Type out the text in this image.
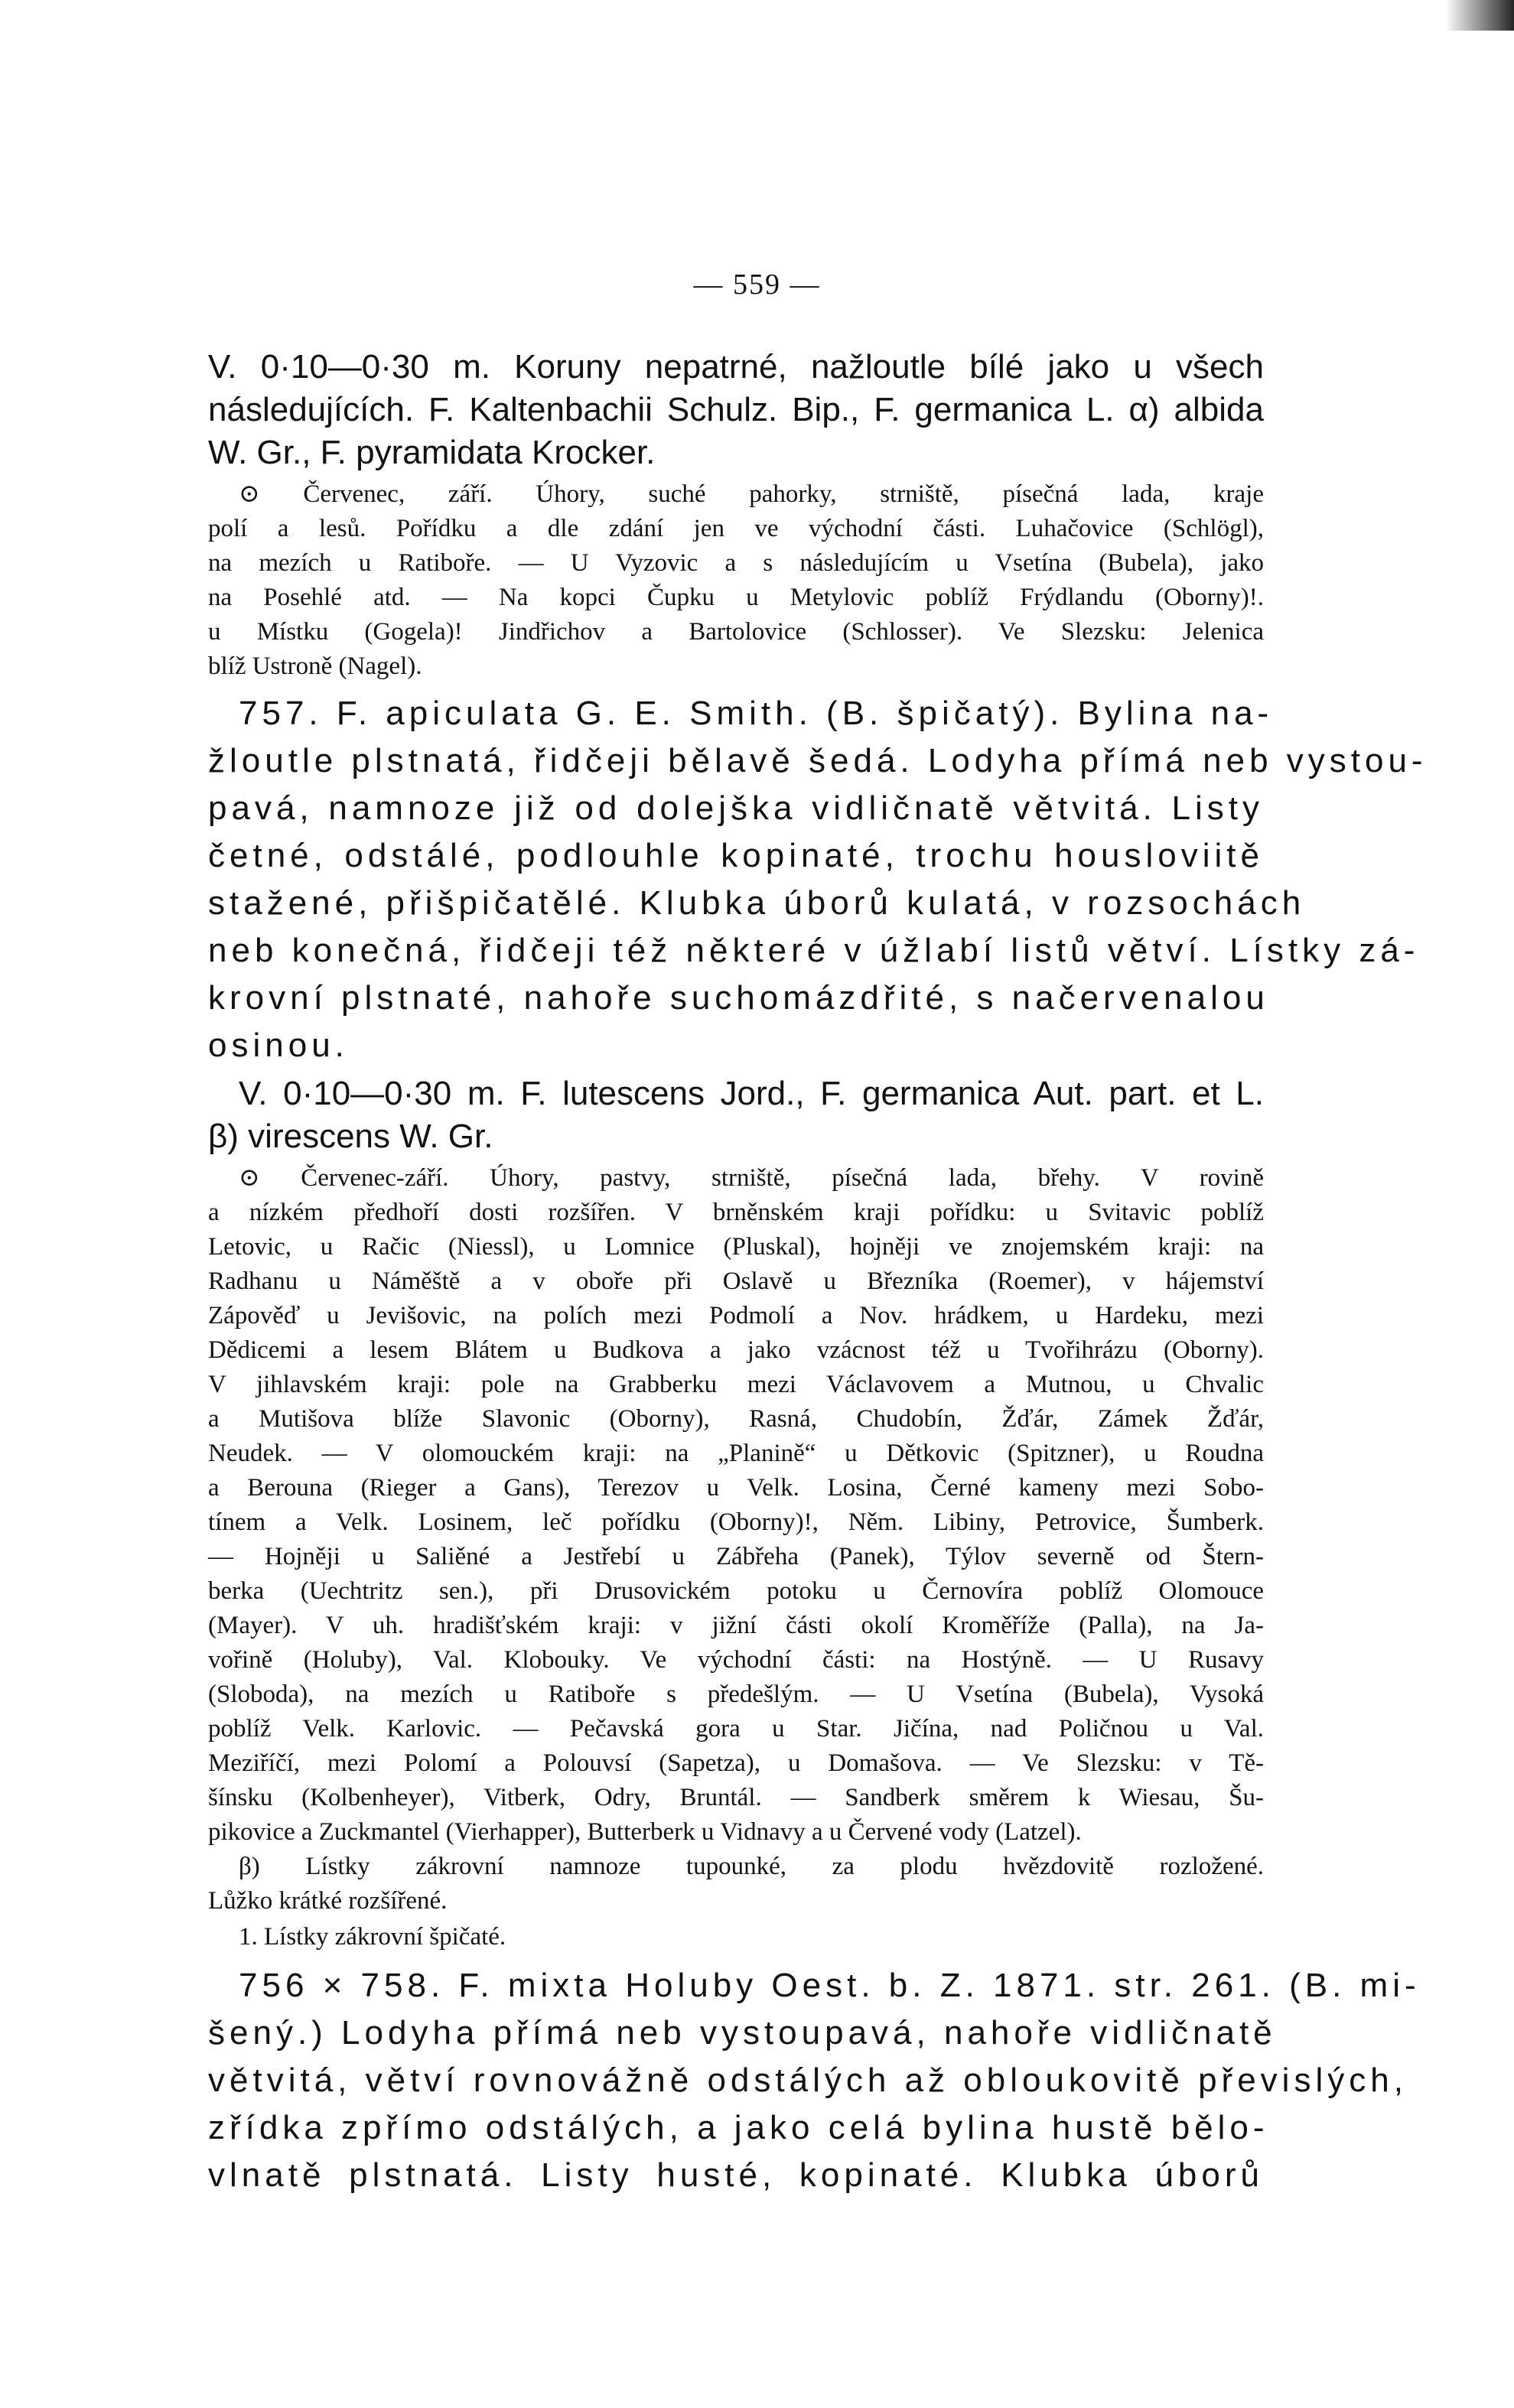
— 559 —
V. 0·10—0·30 m. Koruny nepatrné, nažloutle bílé jako u všech
následujících. F. Kaltenbachii Schulz. Bip., F. germanica L. α) albida
W. Gr., F. pyramidata Krocker.
⊙ Červenec, září. Úhory, suché pahorky, strniště, písečná lada, kraje
polí a lesů. Pořídku a dle zdání jen ve východní části. Luhačovice (Schlögl),
na mezích u Ratiboře. — U Vyzovic a s následujícím u Vsetína (Bubela), jako
na Posehlé atd. — Na kopci Čupku u Metylovic poblíž Frýdlandu (Oborny)!.
u Místku (Gogela)! Jindřichov a Bartolovice (Schlosser). Ve Slezsku: Jelenica
blíž Ustroně (Nagel).
757. F. apiculata G. E. Smith. (B. špičatý). Bylina na-
žloutle plstnatá, řidčeji bělavě šedá. Lodyha přímá neb vystou-
pavá, namnoze již od dolejška vidličnatě větvitá. Listy
četné, odstálé, podlouhle kopinaté, trochu housloviitě
stažené, přišpičatělé. Klubka úborů kulatá, v rozsochách
neb konečná, řidčeji též některé v úžlabí listů větví. Lístky zá-
krovní plstnaté, nahoře suchomázdřité, s načervenalou
osinou.
V. 0·10—0·30 m. F. lutescens Jord., F. germanica Aut. part. et L.
β) virescens W. Gr.
⊙ Červenec-září. Úhory, pastvy, strniště, písečná lada, břehy. V rovině
a nízkém předhoří dosti rozšířen. V brněnském kraji pořídku: u Svitavic poblíž
Letovic, u Račic (Niessl), u Lomnice (Pluskal), hojněji ve znojemském kraji: na
Radhanu u Náměště a v obořе při Oslavě u Březníka (Roemer), v hájemství
Zápověď u Jevišovic, na polích mezi Podmolí a Nov. hrádkem, u Hardeku, mezi
Dědicemi a lesem Blátem u Budkova a jako vzácnost též u Tvořihrázu (Oborny).
V jihlavském kraji: pole na Grabberku mezi Václavovem a Mutnou, u Chvalic
a Mutišova blíže Slavonic (Oborny), Rasná, Chudobín, Žďár, Zámek Žďár,
Neudek. — V olomouckém kraji: na „Planině“ u Dětkovic (Spitzner), u Roudna
a Berouna (Rieger a Gans), Terezov u Velk. Losina, Černé kameny mezi Sobo-
tínem a Velk. Losinem, leč pořídku (Oborny)!, Něm. Libiny, Petrovice, Šumberk.
— Hojněji u Saliěné a Jestřebí u Zábřeha (Panek), Týlov severně od Štern-
berka (Uechtritz sen.), při Drusovickém potoku u Černovíra poblíž Olomouce
(Mayer). V uh. hradišťském kraji: v jižní části okolí Kroměříže (Palla), na Ja-
vořině (Holuby), Val. Klobouky. Ve východní části: na Hostýně. — U Rusavy
(Sloboda), na mezích u Ratibořе s předešlým. — U Vsetína (Bubela), Vysoká
poblíž Velk. Karlovic. — Pečavská gora u Star. Jičína, nad Poličnou u Val.
Meziříčí, mezi Polomí a Polouvsí (Sapetza), u Domašova. — Ve Slezsku: v Tě-
šínsku (Kolbenheyer), Vitberk, Odry, Bruntál. — Sandberk směrem k Wiesau, Šu-
pikovice a Zuckmantel (Vierhapper), Butterberk u Vidnavy a u Červené vody (Latzel).
β) Lístky zákrovní namnoze tupounké, za plodu hvězdovitě rozložené.
Lůžko krátké rozšířené.
1. Lístky zákrovní špičaté.
756 × 758. F. mixta Holuby Oest. b. Z. 1871. str. 261. (B. mi-
šený.) Lodyha přímá neb vystoupavá, nahoře vidličnatě
větvitá, větví rovnovážně odstálých až obloukovitě převislých,
zřídka zpřímo odstálých, a jako celá bylina hustě bělo-
vlnatě plstnatá. Listy husté, kopinaté. Klubka úborů
